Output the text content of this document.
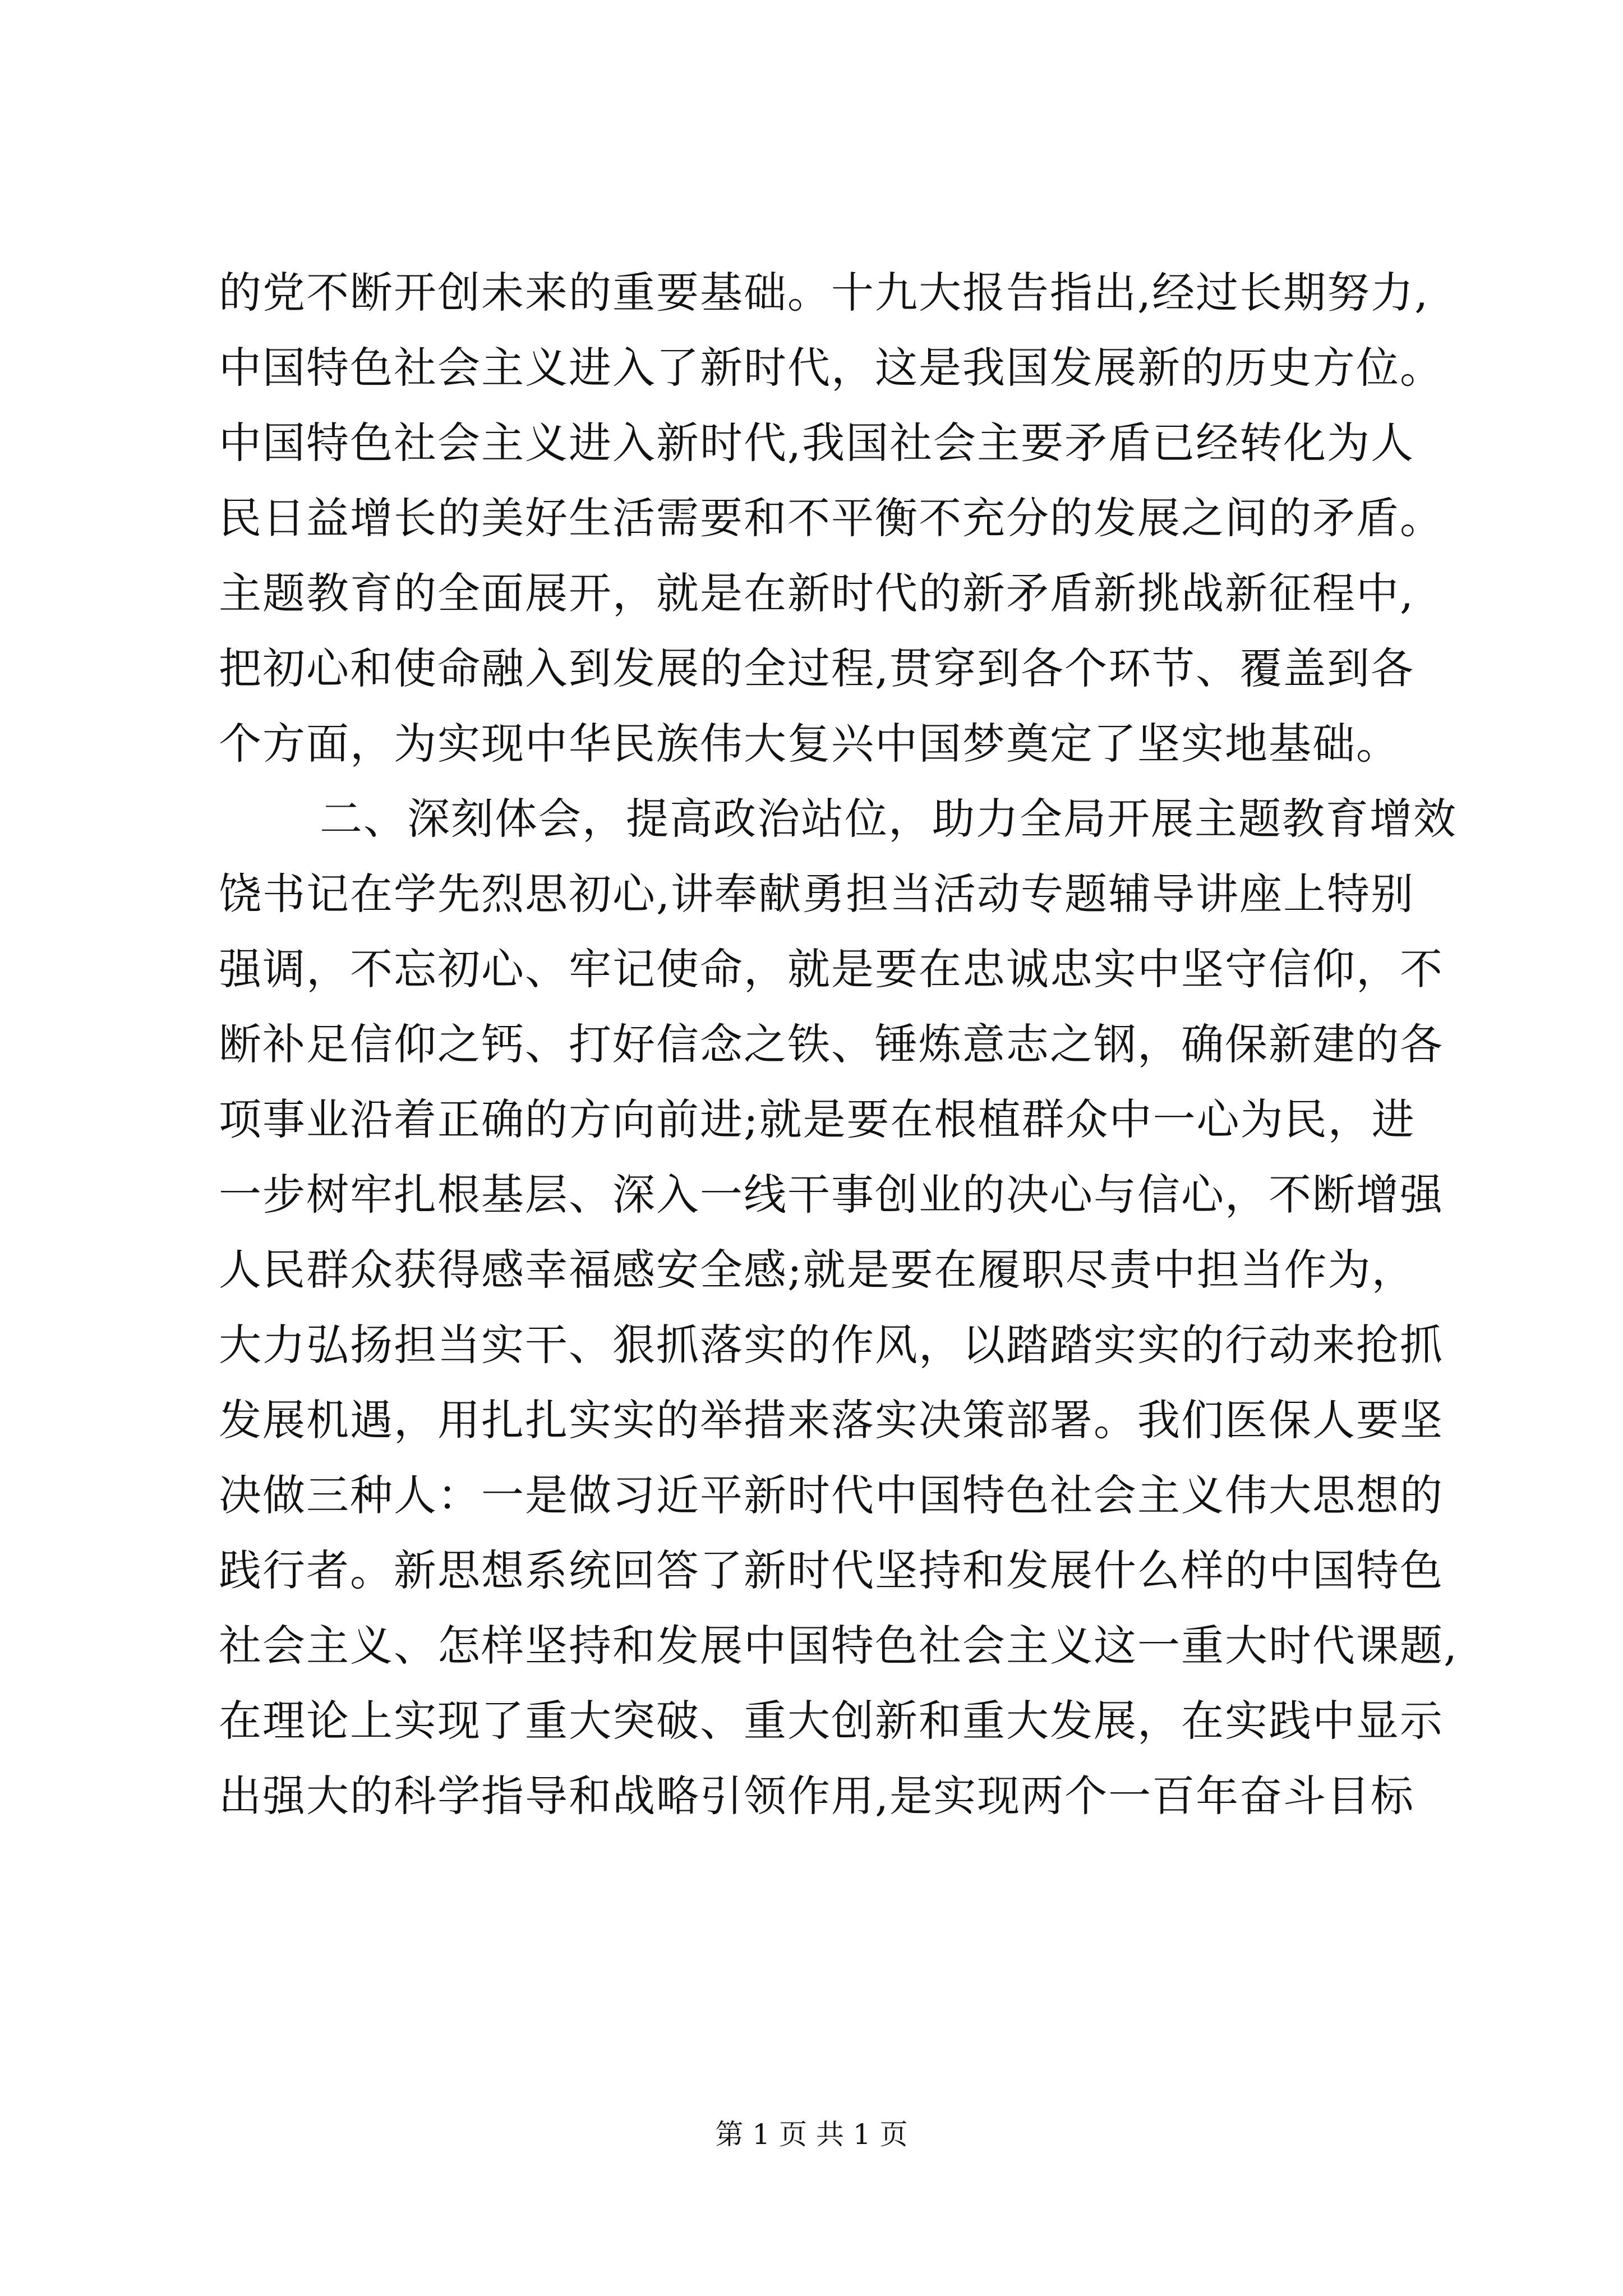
的党不断开创未来的重要基础。十九大报告指出,经过长期努力,
中国特色社会主义进入了新时代，这是我国发展新的历史方位。
中国特色社会主义进入新时代,我国社会主要矛盾已经转化为人
民日益增长的美好生活需要和不平衡不充分的发展之间的矛盾。
主题教育的全面展开，就是在新时代的新矛盾新挑战新征程中,
把初心和使命融入到发展的全过程,贯穿到各个环节、覆盖到各
个方面，为实现中华民族伟大复兴中国梦奠定了坚实地基础。
二、深刻体会，提高政治站位，助力全局开展主题教育增效
饶书记在学先烈思初心,讲奉献勇担当活动专题辅导讲座上特别
强调，不忘初心、牢记使命，就是要在忠诚忠实中坚守信仰，不
断补足信仰之钙、打好信念之铁、锤炼意志之钢，确保新建的各
项事业沿着正确的方向前进;就是要在根植群众中一心为民，进
一步树牢扎根基层、深入一线干事创业的决心与信心，不断增强
人民群众获得感幸福感安全感;就是要在履职尽责中担当作为，
大力弘扬担当实干、狠抓落实的作风，以踏踏实实的行动来抢抓
发展机遇，用扎扎实实的举措来落实决策部署。我们医保人要坚
决做三种人：一是做习近平新时代中国特色社会主义伟大思想的
践行者。新思想系统回答了新时代坚持和发展什么样的中国特色
社会主义、怎样坚持和发展中国特色社会主义这一重大时代课题,
在理论上实现了重大突破、重大创新和重大发展，在实践中显示
出强大的科学指导和战略引领作用,是实现两个一百年奋斗目标
第 1 页 共 1 页
